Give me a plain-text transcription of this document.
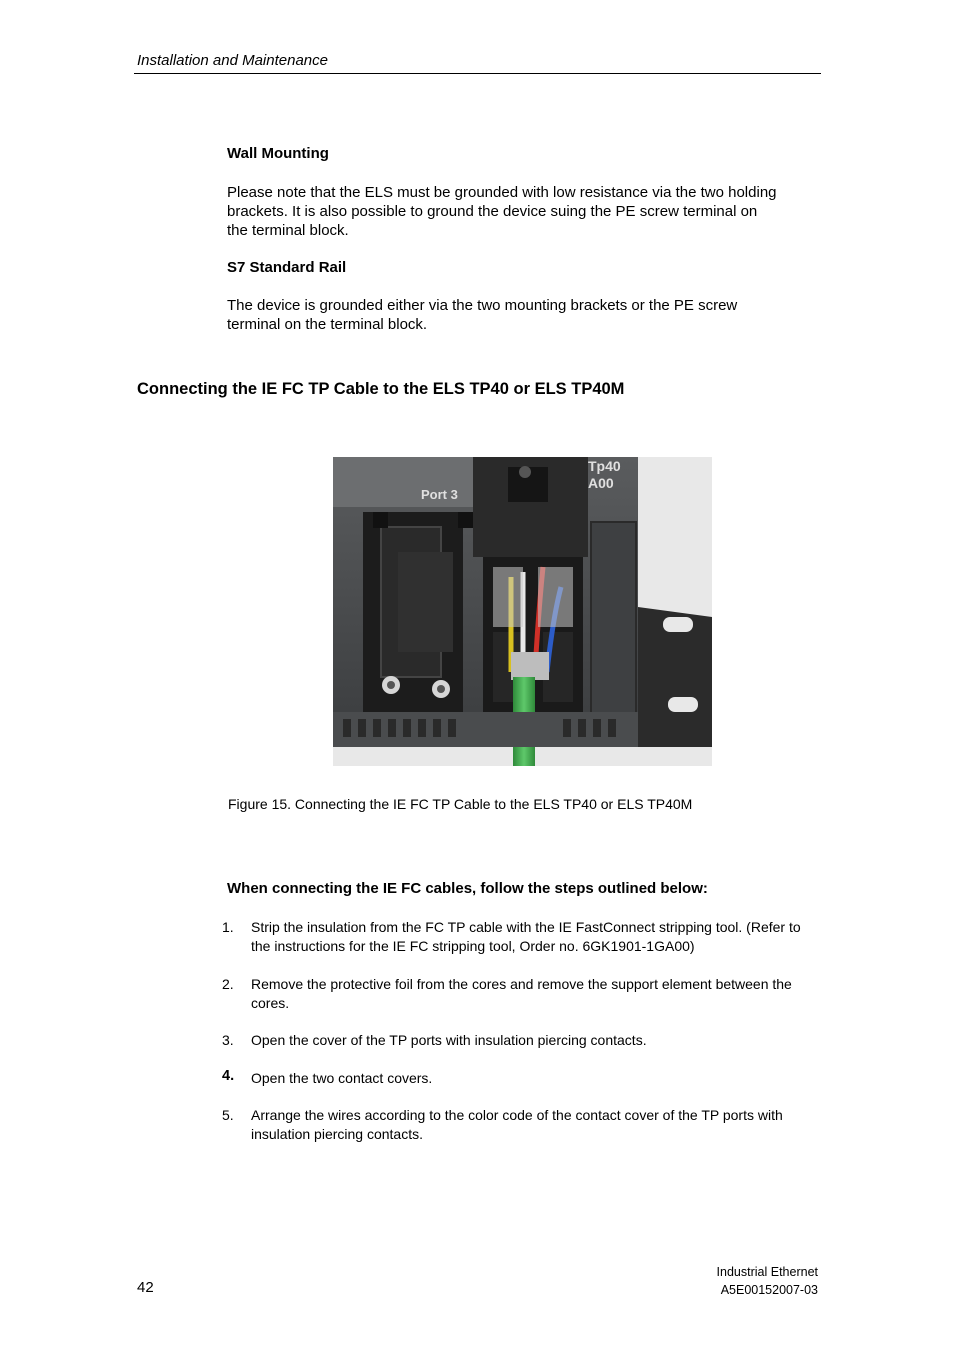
Installation and Maintenance
Wall Mounting
Please note that the ELS must be grounded with low resistance via the two holding
brackets. It is also possible to ground the device suing the PE screw terminal on
the terminal block.
S7 Standard Rail
The device is grounded either via the two mounting brackets or the PE screw
terminal on the terminal block.
Connecting the IE FC TP Cable to the ELS TP40 or ELS TP40M
Port 3
Tp40
A00
Figure 15. Connecting the IE FC TP Cable to the ELS TP40 or ELS TP40M
When connecting the IE FC cables, follow the steps outlined below:
1.	Strip the insulation from the FC TP cable with the IE FastConnect stripping tool. (Refer to
the instructions for the IE FC stripping tool, Order no. 6GK1901-1GA00)
2.	Remove the protective foil from the cores and remove the support element between the
cores.
3.	Open the cover of the TP ports with insulation piercing contacts.
4.	Open the two contact covers.
5.	Arrange the wires according to the color code of the contact cover of the TP ports with
insulation piercing contacts.
42
Industrial Ethernet
A5E00152007-03
